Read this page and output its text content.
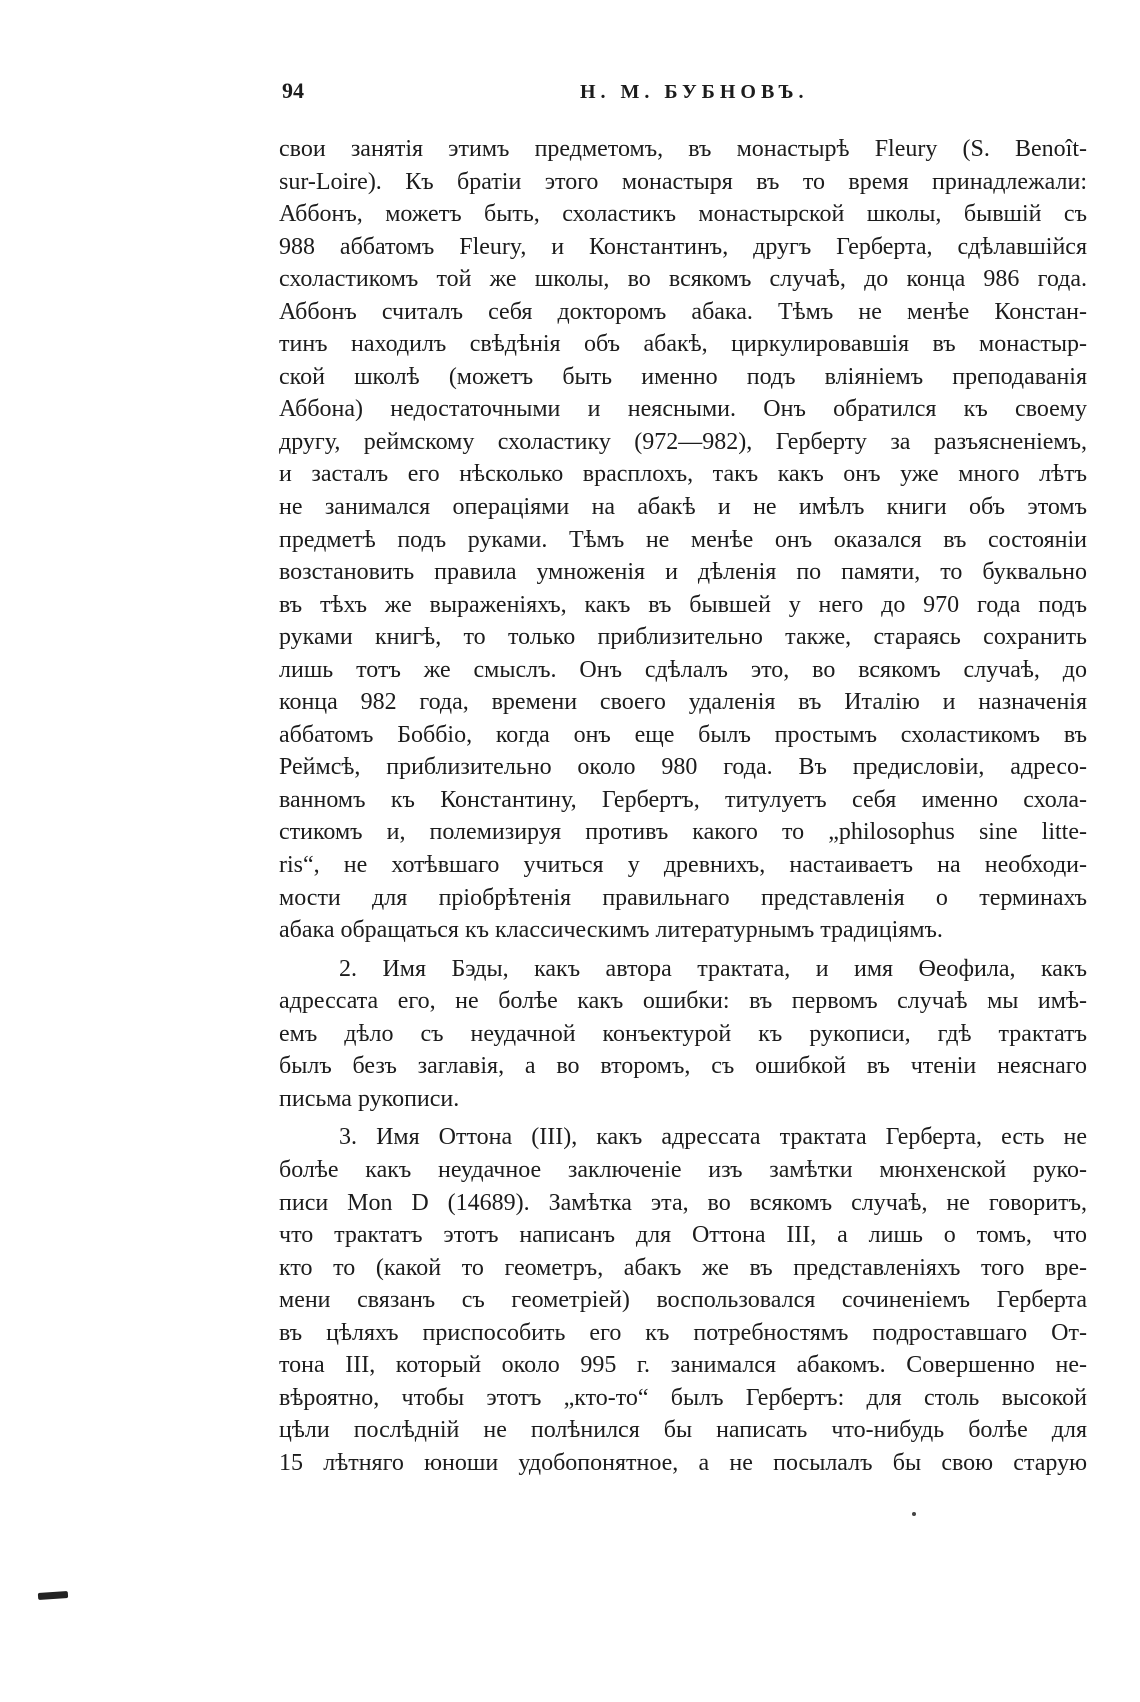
94	Н. М. БУБНОВЪ.
свои занятія этимъ предметомъ, въ монастырѣ Fleury (S. Benoît-
sur-Loire). Къ братіи этого монастыря въ то время принадлежали:
Аббонъ, можетъ быть, схоластикъ монастырской школы, бывшій съ
988 аббатомъ Fleury, и Константинъ, другъ Герберта, сдѣлавшійся
схоластикомъ той же школы, во всякомъ случаѣ, до конца 986 года.
Аббонъ считалъ себя докторомъ абака. Тѣмъ не менѣе Констан-
тинъ находилъ свѣдѣнія объ абакѣ, циркулировавшія въ монастыр-
ской школѣ (можетъ быть именно подъ вліяніемъ преподаванія
Аббона) недостаточными и неясными. Онъ обратился къ своему
другу, реймскому схоластику (972—982), Герберту за разъясненіемъ,
и засталъ его нѣсколько врасплохъ, такъ какъ онъ уже много лѣтъ
не занимался операціями на абакѣ и не имѣлъ книги объ этомъ
предметѣ подъ руками. Тѣмъ не менѣе онъ оказался въ состояніи
возстановить правила умноженія и дѣленія по памяти, то буквально
въ тѣхъ же выраженіяхъ, какъ въ бывшей у него до 970 года подъ
руками книгѣ, то только приблизительно также, стараясь сохранить
лишь тотъ же смыслъ. Онъ сдѣлалъ это, во всякомъ случаѣ, до
конца 982 года, времени своего удаленія въ Италію и назначенія
аббатомъ Боббіо, когда онъ еще былъ простымъ схоластикомъ въ
Реймсѣ, приблизительно около 980 года. Въ предисловіи, адресо-
ванномъ къ Константину, Гербертъ, титулуетъ себя именно схола-
стикомъ и, полемизируя противъ какого то „philosophus sine litte-
ris“, не хотѣвшаго учиться у древнихъ, настаиваетъ на необходи-
мости для пріобрѣтенія правильнаго представленія о терминахъ
абака обращаться къ классическимъ литературнымъ традиціямъ.
2. Имя Бэды, какъ автора трактата, и имя Өеофила, какъ
адрессата его, не болѣе какъ ошибки: въ первомъ случаѣ мы имѣ-
емъ дѣло съ неудачной конъектурой къ рукописи, гдѣ трактатъ
былъ безъ заглавія, а во второмъ, съ ошибкой въ чтеніи неяснаго
письма рукописи.
3. Имя Оттона (III), какъ адрессата трактата Герберта, есть не
болѣе какъ неудачное заключеніе изъ замѣтки мюнхенской руко-
писи Mon D (14689). Замѣтка эта, во всякомъ случаѣ, не говоритъ,
что трактатъ этотъ написанъ для Оттона III, а лишь о томъ, что
кто то (какой то геометръ, абакъ же въ представленіяхъ того вре-
мени связанъ съ геометріей) воспользовался сочиненіемъ Герберта
въ цѣляхъ приспособить его къ потребностямъ подроставшаго От-
тона III, который около 995 г. занимался абакомъ. Совершенно не-
вѣроятно, чтобы этотъ „кто-то“ былъ Гербертъ: для столь высокой
цѣли послѣдній не полѣнился бы написать что-нибудь болѣе для
15 лѣтняго юноши удобопонятное, а не посылалъ бы свою старую
